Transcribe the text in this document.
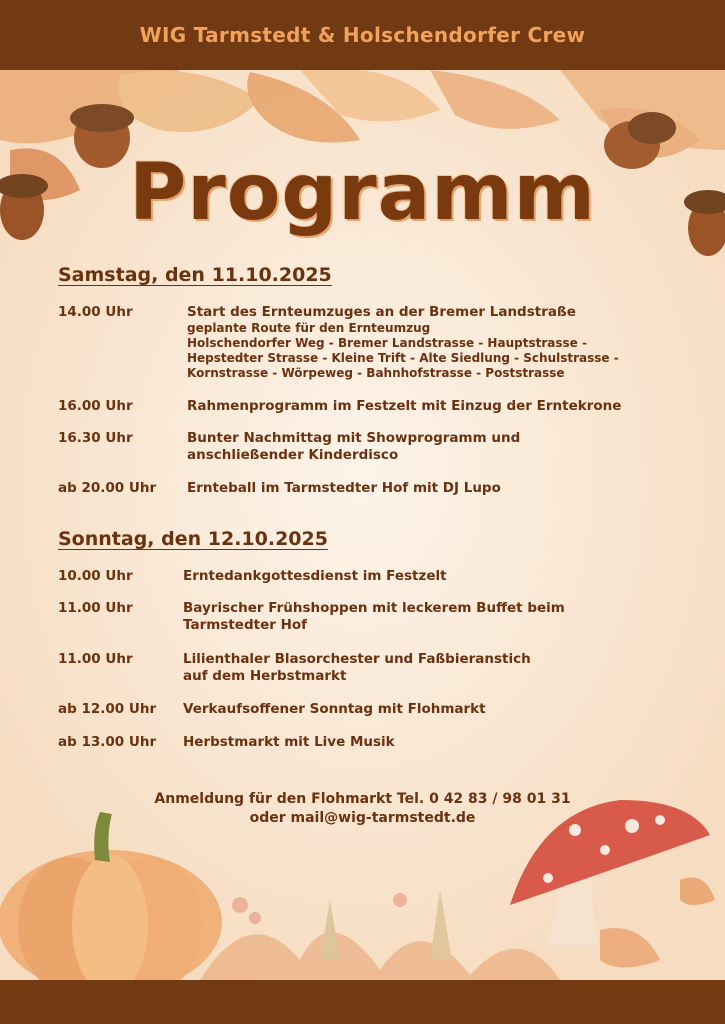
WIG Tarmstedt & Holschendorfer Crew
Programm
Samstag, den 11.10.2025
14.00 Uhr	Start des Ernteumzuges an der Bremer Landstraße
geplante Route für den Ernteumzug
Holschendorfer Weg - Bremer Landstrasse - Hauptstrasse -
Hepstedter Strasse - Kleine Trift - Alte Siedlung - Schulstrasse -
Kornstrasse - Wörpeweg - Bahnhofstrasse - Poststrasse
16.00 Uhr	Rahmenprogramm im Festzelt mit Einzug der Erntekrone
16.30 Uhr	Bunter Nachmittag mit Showprogramm und
anschließender Kinderdisco
ab 20.00 Uhr Ernteball im Tarmstedter Hof mit DJ Lupo
Sonntag, den 12.10.2025
10.00 Uhr	Erntedankgottesdienst im Festzelt
11.00 Uhr	Bayrischer Frühshoppen mit leckerem Buffet beim
Tarmstedter Hof
11.00 Uhr	Lilienthaler Blasorchester und Faßbieranstich
auf dem Herbstmarkt
ab 12.00 Uhr Verkaufsoffener Sonntag mit Flohmarkt
ab 13.00 Uhr Herbstmarkt mit Live Musik
Anmeldung für den Flohmarkt Tel. 0 42 83 / 98 01 31
oder mail@wig-tarmstedt.de
